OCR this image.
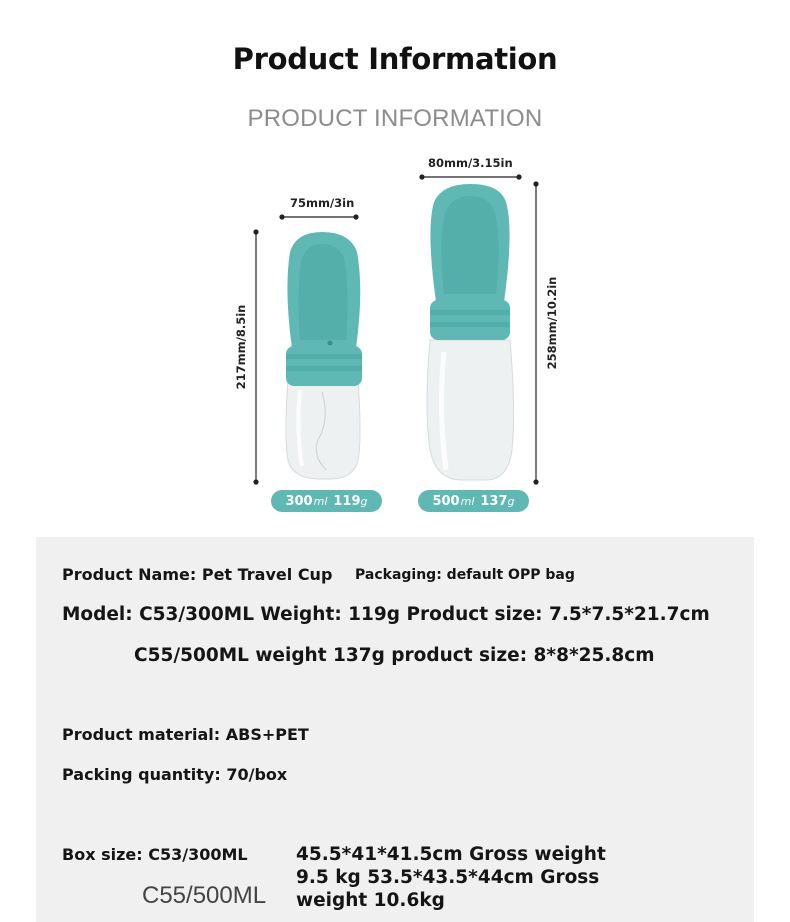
Product Information
PRODUCT INFORMATION
75mm/3in
80mm/3.15in
217mm/8.5in	258mm/10.2in
300 ml 119 g	500 ml 137 g
Product Name: Pet Travel Cup Packaging: default OPP bag
Model: C53/300ML Weight: 119g Product size: 7.5*7.5*21.7cm
C55/500ML weight 137g product size: 8*8*25.8cm
Product material: ABS+PET
Packing quantity: 70/box
Box size: C53/300ML
C55/500ML
45.5*41*41.5cm Gross weight 9.5 kg 53.5*43.5*44cm Gross weight 10.6kg
